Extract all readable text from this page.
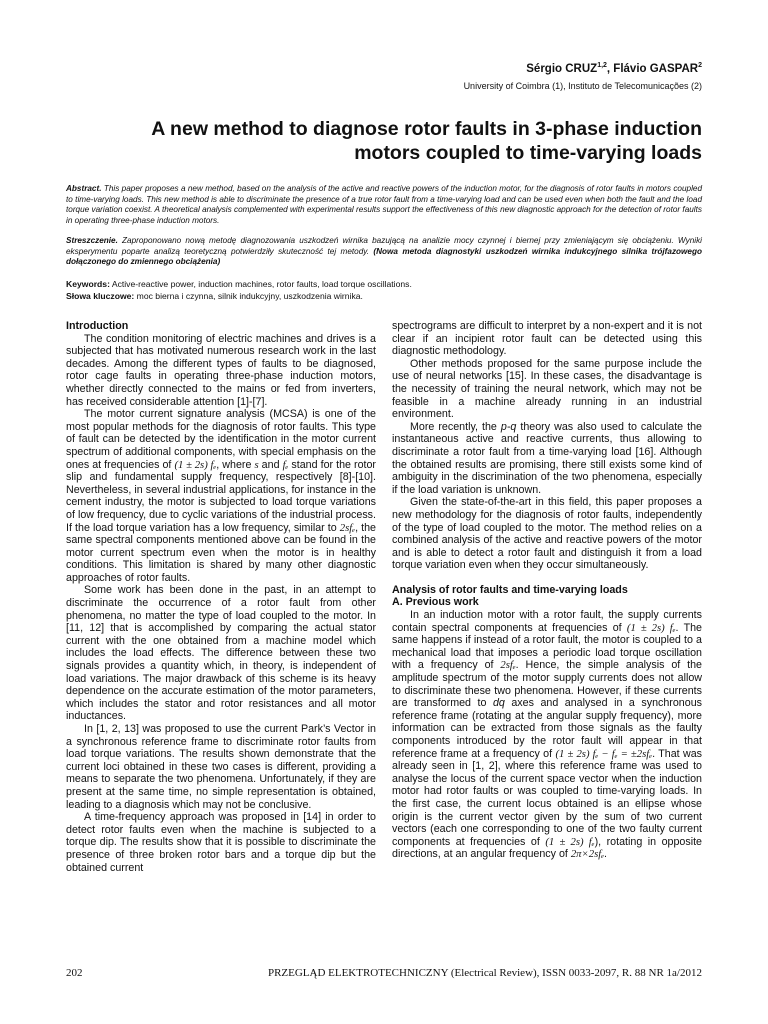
Sérgio CRUZ$^{1,2}$, Flávio GASPAR$^2$
University of Coimbra (1), Instituto de Telecomunicações (2)
A new method to diagnose rotor faults in 3-phase induction
motors coupled to time-varying loads
Abstract. This paper proposes a new method, based on the analysis of the active and reactive powers of the induction motor, for the diagnosis of rotor faults in motors coupled to time-varying loads. This new method is able to discriminate the presence of a true rotor fault from a time-varying load and can be used even when both the fault and the load torque variation coexist. A theoretical analysis complemented with experimental results support the effectiveness of this new diagnostic approach for the detection of rotor faults in operating three-phase induction motors.
Streszczenie. Zaproponowano nową metodę diagnozowania uszkodzeń wirnika bazującą na analizie mocy czynnej i biernej przy zmieniającym się obciążeniu. Wyniki eksperymentu poparte analizą teoretyczną potwierdziły skuteczność tej metody. (Nowa metoda diagnostyki uszkodzeń wirnika indukcyjnego silnika trójfazowego dołączonego do zmiennego obciążenia)
Keywords: Active-reactive power, induction machines, rotor faults, load torque oscillations.
Słowa kluczowe: moc bierna i czynna, silnik indukcyjny, uszkodzenia wirnika.
Introduction

The condition monitoring of electric machines and drives is a subjected that has motivated numerous research work in the last decades. Among the different types of faults to be diagnosed, rotor cage faults in operating three-phase induction motors, whether directly connected to the mains or fed from inverters, has received considerable attention [1]-[7].

The motor current signature analysis (MCSA) is one of the most popular methods for the diagnosis of rotor faults. This type of fault can be detected by the identification in the motor current spectrum of additional components, with special emphasis on the ones at frequencies of (1 ± 2s) fₑ, where s and fₑ stand for the rotor slip and fundamental supply frequency, respectively [8]-[10]. Nevertheless, in several industrial applications, for instance in the cement industry, the motor is subjected to load torque variations of low frequency, due to cyclic variations of the industrial process. If the load torque variation has a low frequency, similar to 2sfₑ, the same spectral components mentioned above can be found in the motor current spectrum even when the motor is in healthy conditions. This limitation is shared by many other diagnostic approaches of rotor faults.

Some work has been done in the past, in an attempt to discriminate the occurrence of a rotor fault from other phenomena, no matter the type of load coupled to the motor. In [11, 12] that is accomplished by comparing the actual stator current with the one obtained from a machine model which includes the load effects. The difference between these two signals provides a quantity which, in theory, is independent of load variations. The major drawback of this scheme is its heavy dependence on the accurate estimation of the motor parameters, which includes the stator and rotor resistances and all motor inductances.

In [1, 2, 13] was proposed to use the current Park’s Vector in a synchronous reference frame to discriminate rotor faults from load torque variations. The results shown demonstrate that the current loci obtained in these two cases is different, providing a means to separate the two phenomena. Unfortunately, if they are present at the same time, no simple representation is obtained, leading to a diagnosis which may not be conclusive.

A time-frequency approach was proposed in [14] in order to detect rotor faults even when the machine is subjected to a torque dip. The results show that it is possible to discriminate the presence of three broken rotor bars and a torque dip but the obtained current

spectrograms are difficult to interpret by a non-expert and it is not clear if an incipient rotor fault can be detected using this diagnostic methodology.

Other methods proposed for the same purpose include the use of neural networks [15]. In these cases, the disadvantage is the necessity of training the neural network, which may not be feasible in a machine already running in an industrial environment.

More recently, the p-q theory was also used to calculate the instantaneous active and reactive currents, thus allowing to discriminate a rotor fault from a time-varying load [16]. Although the obtained results are promising, there still exists some kind of ambiguity in the discrimination of the two phenomena, especially if the load variation is unknown.

Given the state-of-the-art in this field, this paper proposes a new methodology for the diagnosis of rotor faults, independently of the type of load coupled to the motor. The method relies on a combined analysis of the active and reactive powers of the motor and is able to detect a rotor fault and distinguish it from a load torque variation even when they occur simultaneously.

Analysis of rotor faults and time-varying loads
A. Previous work

In an induction motor with a rotor fault, the supply currents contain spectral components at frequencies of (1 ± 2s) fₑ. The same happens if instead of a rotor fault, the motor is coupled to a mechanical load that imposes a periodic load torque oscillation with a frequency of 2sfₑ. Hence, the simple analysis of the amplitude spectrum of the motor supply currents does not allow to discriminate these two phenomena. However, if these currents are transformed to dq axes and analysed in a synchronous reference frame (rotating at the angular supply frequency), more information can be extracted from those signals as the faulty components introduced by the rotor fault will appear in that reference frame at a frequency of (1 ± 2s) fₑ − fₑ = ±2sfₑ. That was already seen in [1, 2], where this reference frame was used to analyse the locus of the current space vector when the induction motor had rotor faults or was coupled to time-varying loads. In the first case, the current locus obtained is an ellipse whose origin is the current vector given by the sum of two current vectors (each one corresponding to one of the two faulty current components at frequencies of (1 ± 2s) fₑ), rotating in opposite directions, at an angular frequency of 2π×2sfₑ.

202	PRZEGLĄD ELEKTROTECHNICZNY (Electrical Review), ISSN 0033-2097, R. 88 NR 1a/2012
